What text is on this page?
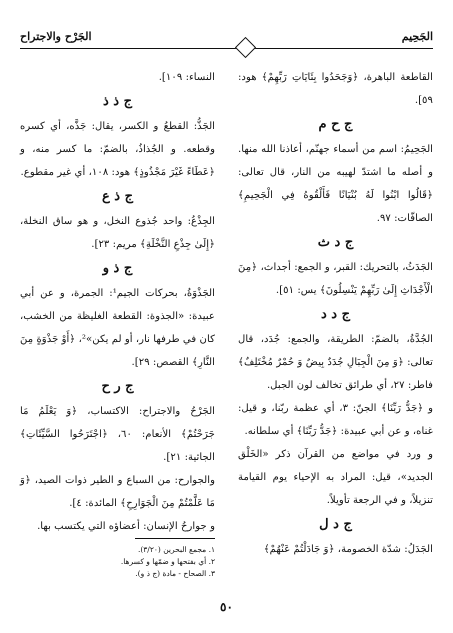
الجَحِيم
الجَرْح والاجتراح

القاطعة الباهرة، ﴿وَجَحَدُوا بِئَايَاتِ رَبِّهِمْ﴾ هود: ٥٩].

ج ح م

الجَحِيمُ: اسم من أسماء جهنّم، أعاذنا الله منها. و أصله ما اشتدّ لهيبه من النار، قال تعالى: ﴿قَالُوا ابْنُوا لَهُ بُنْيَانًا فَأَلْقُوهُ فِي الْجَحِيمِ﴾ الصافّات: ٩٧.

ج د ث

الجَدَثُ، بالتحريك: القبر، و الجمع: أجداث، ﴿مِنَ الْأَجْدَاثِ إِلَىٰ رَبِّهِمْ يَنْسِلُونَ﴾ يس: ٥١].

ج د د

الجُدَّةُ، بالضمّ: الطريقة، والجمع: جُدَد، قال تعالى: ﴿وَ مِنَ الْجِبَالِ جُدَدٌ بِيضٌ وَ حُمْرٌ مُخْتَلِفٌ﴾ فاطر: ٢٧، أي طرائق تخالف لون الجبل.

و ﴿جَدُّ رَبِّنَا﴾ الجنّ: ٣، أي عظمة ربّنا، و قيل: غناه، و عن أبي عبيدة: ﴿جَدُّ رَبِّنَا﴾ أي سلطانه.

و ورد في مواضع من القرآن ذكر «الخَلْق الجديد»، قيل: المراد به الإحياء يوم القيامة تنزيلاً، و في الرجعة تأويلاً.

ج د ل

الجَدَلُ: شدّة الخصومة، ﴿وَ جَادَلْتُمْ عَنْهُمْ﴾

النساء: ١٠٩].

ج ذ ذ

الجَذُّ: القطعُ و الكسر، يقال: جَذَّه، أي كسره وقطعه. و الجُذاذُ، بالضمّ: ما كسر منه، و ﴿عَطَاءً غَيْرَ مَجْذُوذٍ﴾ هود: ١٠٨، أي غير مقطوع.

ج ذ ع

الجِذْعُ: واحد جُذوع النخل، و هو ساق النخلة، ﴿إِلَىٰ جِذْعِ النَّخْلَةِ﴾ مريم: ٢٣].

ج ذ و

الجَذْوَةُ، بحركات الجيم¹: الجمرة، و عن أبي عبيدة: «الجذوة: القطعة الغليظة من الخشب، كان في طرفها نار، أو لم يكن»²، ﴿أَوْ جَذْوَةٍ مِنَ النَّارِ﴾ القصص: ٢٩].

ج ر ح

الجَرْحُ والاجتراح: الاكتساب، ﴿وَ يَعْلَمُ مَا جَرَحْتُمْ﴾ الأنعام: ٦٠، ﴿اجْتَرَحُوا السَّيِّئَاتِ﴾ الجاثية: ٢١].

والجوارح: من السباع و الطير ذوات الصيد، ﴿وَ مَا عَلَّمْتُمْ مِنَ الْجَوَارِحِ﴾ المائدة: ٤].

و جوارحُ الإنسان: أعضاؤه التي يكتسب بها.

١. مجمع البحرين (٣/٢٠).
٢. أي بفتحها و ضمّها و كسرها.
٣. الصحاح - مادة (ج ذ و).
٥٠
